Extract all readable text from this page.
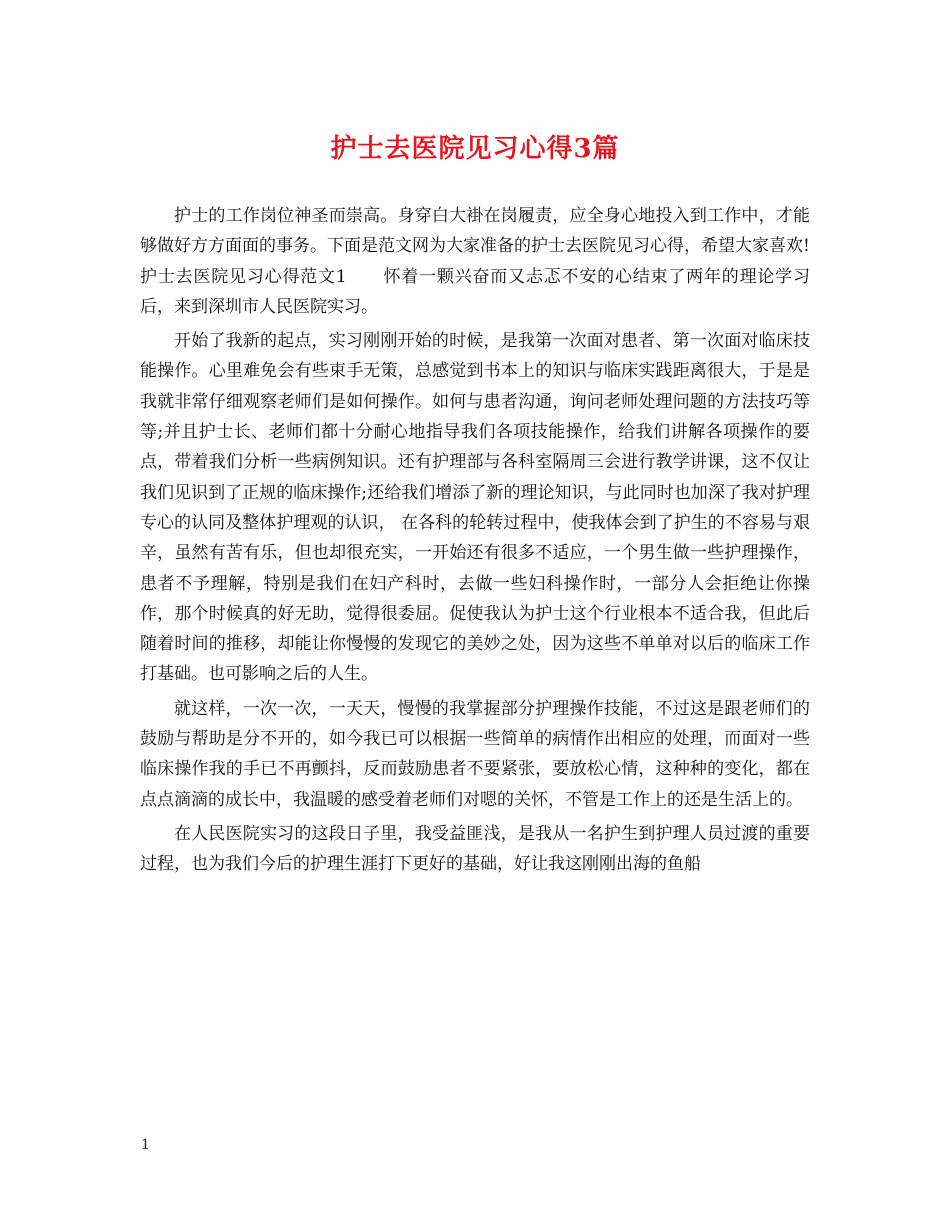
护士去医院见习心得3篇

护士的工作岗位神圣而崇高。身穿白大褂在岗履责，应全身心地投入到工作中，才能够做好方方面面的事务。下面是范文网为大家准备的护士去医院见习心得，希望大家喜欢!

护士去医院见习心得范文1 怀着一颗兴奋而又忐忑不安的心结束了两年的理论学习后，来到深圳市人民医院实习。

开始了我新的起点，实习刚刚开始的时候，是我第一次面对患者、第一次面对临床技能操作。心里难免会有些束手无策，总感觉到书本上的知识与临床实践距离很大，于是是我就非常仔细观察老师们是如何操作。如何与患者沟通，询问老师处理问题的方法技巧等等;并且护士长、老师们都十分耐心地指导我们各项技能操作，给我们讲解各项操作的要点，带着我们分析一些病例知识。还有护理部与各科室隔周三会进行教学讲课，这不仅让我们见识到了正规的临床操作;还给我们增添了新的理论知识，与此同时也加深了我对护理专心的认同及整体护理观的认识， 在各科的轮转过程中，使我体会到了护生的不容易与艰辛，虽然有苦有乐，但也却很充实，一开始还有很多不适应，一个男生做一些护理操作，患者不予理解，特别是我们在妇产科时，去做一些妇科操作时，一部分人会拒绝让你操作，那个时候真的好无助，觉得很委屈。促使我认为护士这个行业根本不适合我，但此后随着时间的推移，却能让你慢慢的发现它的美妙之处，因为这些不单单对以后的临床工作打基础。也可影响之后的人生。

就这样，一次一次，一天天，慢慢的我掌握部分护理操作技能，不过这是跟老师们的鼓励与帮助是分不开的，如今我已可以根据一些简单的病情作出相应的处理，而面对一些临床操作我的手已不再颤抖，反而鼓励患者不要紧张，要放松心情，这种种的变化，都在点点滴滴的成长中，我温暖的感受着老师们对嗯的关怀，不管是工作上的还是生活上的。

在人民医院实习的这段日子里，我受益匪浅，是我从一名护生到护理人员过渡的重要过程，也为我们今后的护理生涯打下更好的基础，好让我这刚刚出海的鱼船

1
